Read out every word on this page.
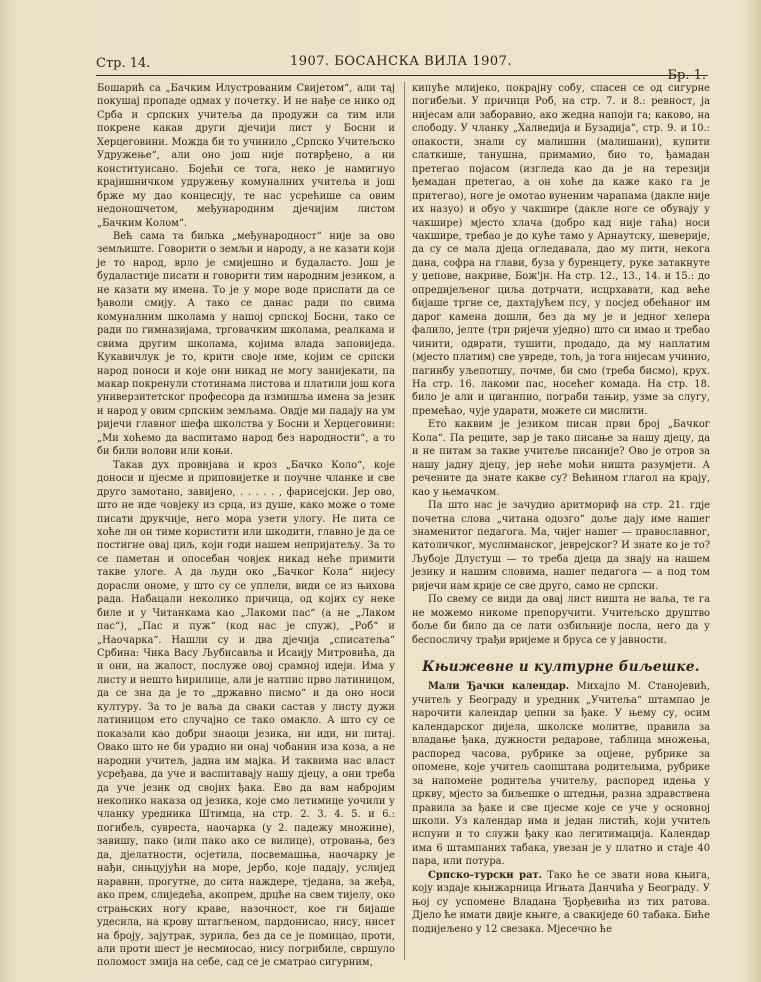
Стр. 14.	1907. БОСАНСКА ВИЛА 1907.
Бр. 1.

Бошарић са „Бачким Илустрованим Свијетом“, али тај покушај пропаде одмах у почетку. И не нађе се нико од Срба и српских учитеља да продужи са тим или покрене какав други дјечији лист у Босни и Херцеговини. Можда би то учинило „Српско Учитељско Удружење“, али оно још није потврђено, а ни конституисано. Бојећи се тога, неко је намигнуо крајишничком удружењу комуналних учитеља и још брже му дао концесију, те нас усрећише са овим недоношчетом, међународним дјечијим листом „Бачким Колом“.

Већ сама та биљка „међународност“ није за ово земљиште. Говорити о земљи и народу, а не казати који је то народ, врло је смијешно и будаласто. Још је будаластије писати и говорити тим народним језиком, а не казати му имена. То је у море воде приспати да се ђаволи смију. А тако се данас ради по свима комуналним школама у нашој српској Босни, тако се ради по гимназијама, трговачким школама, реалкама и свима другим школама, којима влада заповиједа. Кукавичлук је то, крити своје име, којим се српски народ поноси и које они никад не могу занијекати, па макар покренули стотинама листова и платили још кога универзитетског професора да измишља имена за језик и народ у овим српским земљама. Овдје ми падају на ум ријечи главног шефа школства у Босни и Херцеговини: „Ми хоћемо да васпитамо народ без народности“, а то би били волови или коњи.

Такав дух провијава и кроз „Бачко Коло“, које доноси и пјесме и приповијетке и поучне чланке и све друго замотано, завијено, . . . . . , фарисејски. Јер ово, што не иде човјеку из срца, из душе, како може о томе писати друкчије, него мора узети улогу. Не пита се хоће ли он тиме користити или шкодити, главно је да се постигне овај циљ, који годи нашем непријатељу. За то се паметан и опосебан човјек никад неће примити такве улоге. А да људи око „Бачког Кола“ нијесу дорасли ономе, у што су се уплели, види се из њихова рада. Набацали неколико причица, од којих су неке биле и у Читанкама као „Лакоми пас“ (а не „Лаком пас“), „Пас и пуж“ (код нас је спуж), „Роб“ и „Наочарка“. Нашли су и два дјечија „списатеља“ Србина: Чика Васу Љубисавља и Исаију Митровића, да и они, на жалост, послуже овој срамној идеји. Има у листу и нешто ћирилице, али је натпис прво латиницом, да се зна да је то „државно писмо“ и да оно носи културу. За то је ваља да сваки састав у листу дужи латиницом ето случајно се тако омакло. А што су се показали као добри знаоци језика, ни иди, ни питај. Овако што не би урадио ни онај чобанин иза коза, а не народни учитељ, јадна им мајка. И таквима нас власт усређава, да уче и васпитавају нашу дјецу, а они треба да уче језик од својих ђака. Ево да вам набројим неколико наказа од језика, које смо летимице уочили у чланку уредника Штимца, на стр. 2. 3. 4. 5. и 6.: погибељ, сувреста, наочарка (у 2. падежу множине), завишу, пако (или пако ако се вилице), отровања, без да, дјелатности, осјетила, посвемашња, наочарку је нађи, сињцујући на море, јербо, које падају, услијед наравни, прогутне, до сита наждере, тједана, за жеђа, ако прем, слиједећа, акопрем, дрцће на свем тијелу, око страњских ногу краве, назочност, кое ги бијаше удесила, на крову штагљеном, пардонисао, нису, нисет на броју, зајутрак, зурила, без да се је помицао, прoти, али прoти шест је несмиосао, нису погрибиле, свршуло поломост змија на себе, сад се је сматрао сигурним,

кипуће млијеко, покрајну собу, спасен се од сигурне погибељи. У причици Роб, на стр. 7. и 8.: ревност, ја нијесам али заборавио, ако жедна напоји га; каково, на слободу. У чланку „Халведија и Бузадија“, стр. 9. и 10.: опакости, знали су малишни (малишани), купити слаткише, танушна, примамио, био то, ђамадан претегао појасом (изгледа као да је на терезији ђемадан претегао, а он хоће да каже како га је притегао), ноге је омотао вуненим чарапама (дакле није их назуо) и обуо у чакшире (дакле ноге се обувају у чакшире) мјесто хлача (добро кад није гаћа) носи чакшире, требао је до куће тамо у Арнаутску, шеверије, да су се мала дјеца огледавала, дао му пити, некога дана, софра на глави, буза у буренцету, руке затакнуте у џепове, накриве, Бож'јн. На стр. 12., 13., 14. и 15.: до опредијељеног циља дотрчати, исцрхавати, кад веће бијаше тргне се, дахтајућем псу, у посјед обећаног им дарог камена дошли, без да му је и једног хелера фалило, јелте (три ријечи уједно) што си имао и требао чинити, одврати, тушити, продадо, да му наплатим (мјесто платим) све увреде, тољ, ја тога нијесам учинио, пагинбу уљепотшу, почме, би смо (треба бисмо), крух. На стр. 16. лакоми пас, носећег комада. На стр. 18. било је али и циганпио, пограби тањир, узме за слугу, премећао, чује ударати, можете си мислити.

Ето каквим је језиком писан први број „Бачког Кола“. Па реците, зар је тако писање за нашу дјецу, да и не питам за такве учитеље писаније? Ово је отров за нашу јадну дјецу, јер неће моћи ништа разумјети. А речените да знате какве су? Већином глагол на крају, као у њемачком.

Па што нас је зачудио аритмориф на стр. 21. гдје почетна слова „читана одозго“ доље дају име нашег знаменитог педагога. Ма, чијег нашег — православног, католичког, муслиманског, јеврејског? И знате ко је то? Љубоје Длустуш — то треба дјеца да знају на нашем језику и нашим словима, нашег педагога — а под том ријечи нам крије се све друго, само не српски.

По свему се види да овај лист ништа не ваља, те га не можемо никоме препоручити. Учитељско друштво боље би било да се лати озбиљније посла, него да у беспосличу трађи вријеме и бруса се у јавности.

Књижевне и културне биљешке.

Мали Ђачки календар. Михајло М. Станојевић, учитељ у Београду и уредник „Учитеља“ штампао је нарочити календар џепни за ђаке. У њему су, осим календарског дијела, школске молитве, правила за владање ђака, дужности редарове, таблица множења, распоред часова, рубрике за оцјене, рубрике за опомене, које учитељ саопштава родитељима, рубрике за напомене родитеља учитељу, распоред идења у цркву, мјесто за биљешке о штедњи, разна здравствена правила за ђаке и све пјесме које се уче у основној школи. Уз календар има и један листић, који учитељ испуни и то служи ђаку као легитимација. Календар има 6 штампаних табака, увезан је у платно и стаје 40 пара, или потура.

Српско-турски рат. Тако ће се звати нова књига, коју издаје књижарница Игњата Данчића у Београду. У њој су успомене Владана Ђорђевића из тих ратова. Дјело ће имати двије књиге, а свакиједе 60 табака. Биће подијељено у 12 свезака. Мјесечно ће
